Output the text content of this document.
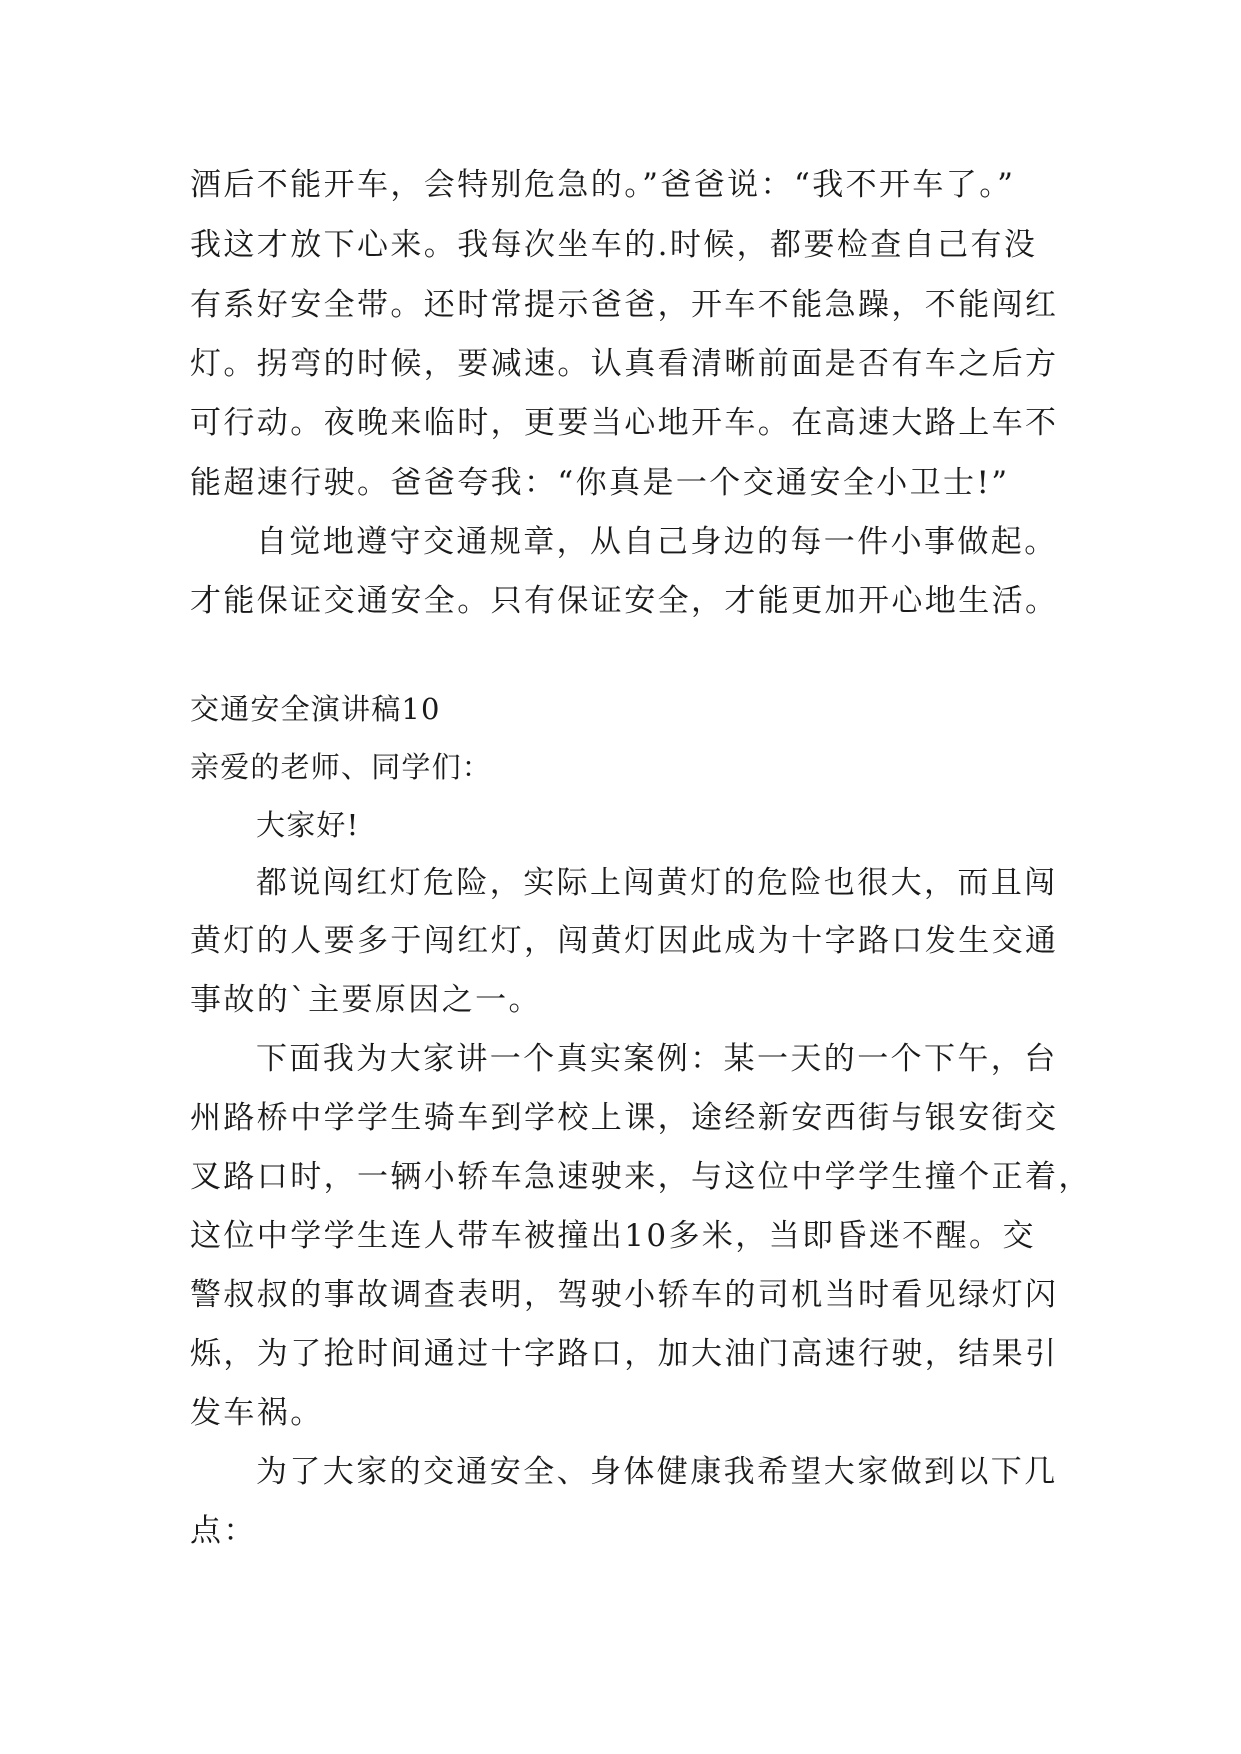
酒后不能开车，会特别危急的。”爸爸说：“我不开车了。”
我这才放下心来。我每次坐车的.时候，都要检查自己有没
有系好安全带。还时常提示爸爸，开车不能急躁，不能闯红
灯。拐弯的时候，要减速。认真看清晰前面是否有车之后方
可行动。夜晚来临时，更要当心地开车。在高速大路上车不
能超速行驶。爸爸夸我：“你真是一个交通安全小卫士!”
自觉地遵守交通规章，从自己身边的每一件小事做起。
才能保证交通安全。只有保证安全，才能更加开心地生活。
交通安全演讲稿10
亲爱的老师、同学们：
大家好!
都说闯红灯危险，实际上闯黄灯的危险也很大，而且闯
黄灯的人要多于闯红灯，闯黄灯因此成为十字路口发生交通
事故的`主要原因之一。
下面我为大家讲一个真实案例：某一天的一个下午，台
州路桥中学学生骑车到学校上课，途经新安西街与银安街交
叉路口时，一辆小轿车急速驶来，与这位中学学生撞个正着，
这位中学学生连人带车被撞出10多米，当即昏迷不醒。交
警叔叔的事故调查表明，驾驶小轿车的司机当时看见绿灯闪
烁，为了抢时间通过十字路口，加大油门高速行驶，结果引
发车祸。
为了大家的交通安全、身体健康我希望大家做到以下几
点：
